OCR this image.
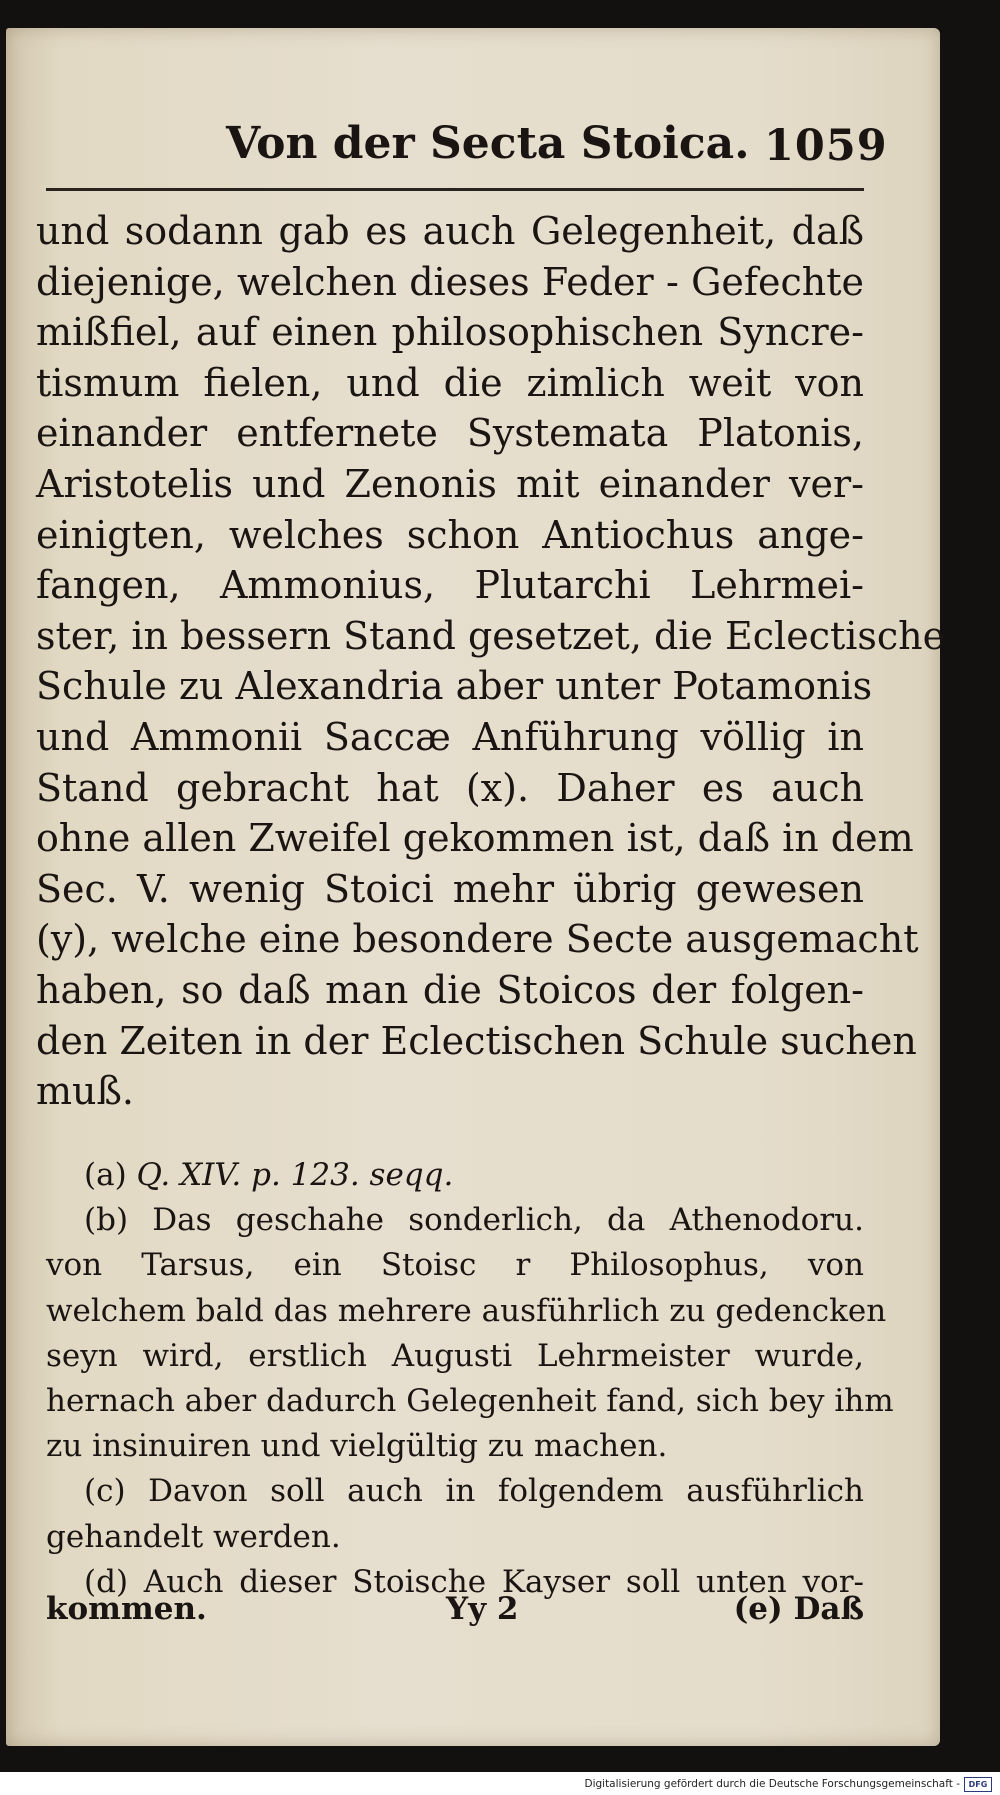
Von der Secta Stoica. 1059
und sodann gab es auch Gelegenheit, daß
diejenige, welchen dieses Feder - Gefechte
mißfiel, auf einen philosophischen Syncre-
tismum fielen, und die zimlich weit von
einander entfernete Systemata Platonis,
Aristotelis und Zenonis mit einander ver-
einigten, welches schon Antiochus ange-
fangen, Ammonius, Plutarchi Lehrmei-
ster, in bessern Stand gesetzet, die Eclectische
Schule zu Alexandria aber unter Potamonis
und Ammonii Saccæ Anführung völlig in
Stand gebracht hat (x). Daher es auch
ohne allen Zweifel gekommen ist, daß in dem
Sec. V. wenig Stoici mehr übrig gewesen
(y), welche eine besondere Secte ausgemacht
haben, so daß man die Stoicos der folgen-
den Zeiten in der Eclectischen Schule suchen
muß.
(a) Q. XIV. p. 123. seqq.
(b) Das geschahe sonderlich, da Athenodoru.
von Tarsus, ein Stoisc r Philosophus, von
welchem bald das mehrere ausführlich zu gedencken
seyn wird, erstlich Augusti Lehrmeister wurde,
hernach aber dadurch Gelegenheit fand, sich bey ihm
zu insinuiren und vielgültig zu machen.
(c) Davon soll auch in folgendem ausführlich
gehandelt werden.
(d) Auch dieser Stoische Kayser soll unten vor-
kommen.	Yy 2	(e) Daß
Digitalisierung gefördert durch die Deutsche Forschungsgemeinschaft -	DFG
